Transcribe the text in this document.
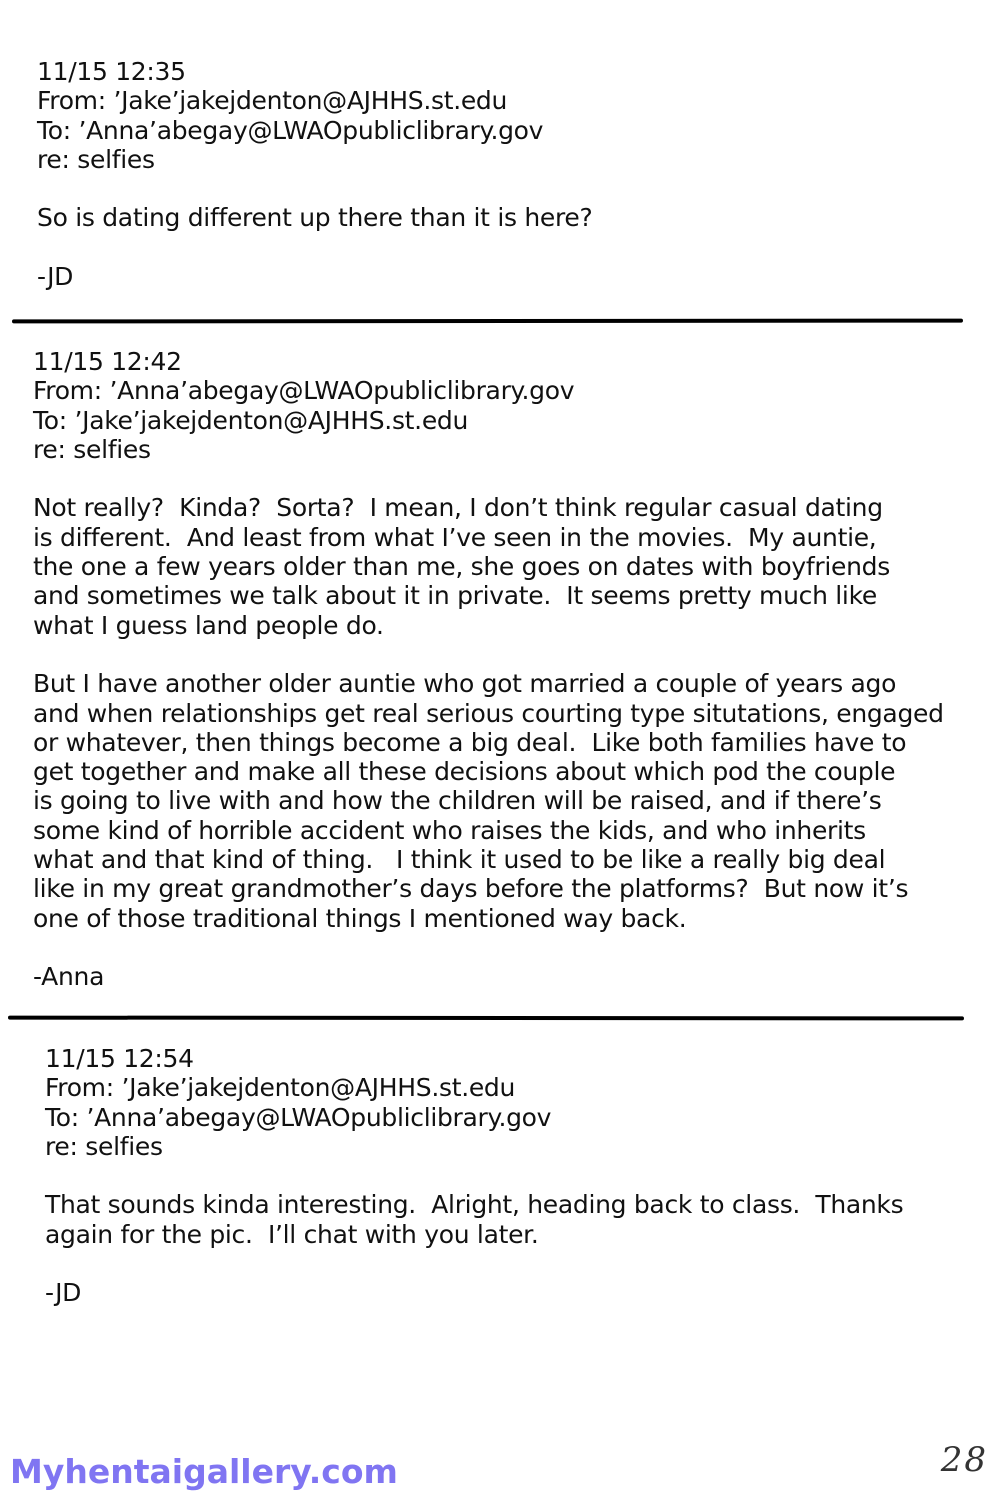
11/15 12:35
From: ’Jake’jakejdenton@AJHHS.st.edu
To: ’Anna’abegay@LWAOpubliclibrary.gov
re: selfies
So is dating different up there than it is here?
-JD
11/15 12:42
From: ’Anna’abegay@LWAOpubliclibrary.gov
To: ’Jake’jakejdenton@AJHHS.st.edu
re: selfies
Not really?  Kinda?  Sorta?  I mean, I don’t think regular casual dating
is different.  And least from what I’ve seen in the movies.  My auntie,
the one a few years older than me, she goes on dates with boyfriends
and sometimes we talk about it in private.  It seems pretty much like
what I guess land people do.
But I have another older auntie who got married a couple of years ago
and when relationships get real serious courting type situtations, engaged
or whatever, then things become a big deal.  Like both families have to
get together and make all these decisions about which pod the couple
is going to live with and how the children will be raised, and if there’s
some kind of horrible accident who raises the kids, and who inherits
what and that kind of thing.   I think it used to be like a really big deal
like in my great grandmother’s days before the platforms?  But now it’s
one of those traditional things I mentioned way back.
-Anna
11/15 12:54
From: ’Jake’jakejdenton@AJHHS.st.edu
To: ’Anna’abegay@LWAOpubliclibrary.gov
re: selfies
That sounds kinda interesting.  Alright, heading back to class.  Thanks
again for the pic.  I’ll chat with you later.
-JD
Myhentaigallery.com	28
